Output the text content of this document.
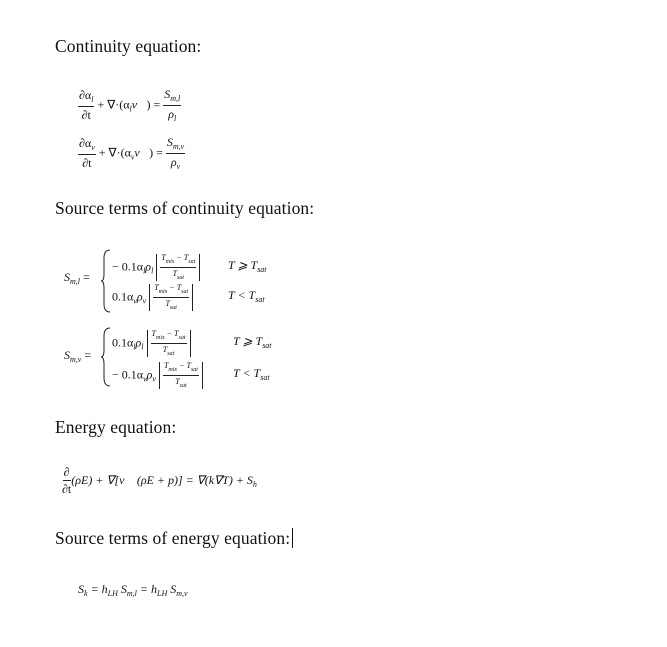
Continuity equation:
Source terms of continuity equation:
Energy equation:
Source terms of energy equation:
$\frac{\partial\alpha_l}{\partial t}$ + $\nabla\cdot(\alpha_lv⃗) = \frac{S_{m,l}}{\rho_l}$
$\frac{\partial\alpha_v}{\partial t}$ + $\nabla\cdot(\alpha_vv⃗) = \frac{S_{m,v}}{\rho_v}$
$S_{m,l}$ =
− $0.1\alpha_l\rho_l \frac{T_{mix} - T_{sat}}{T_{sat}}$	T ⩾ $T_{sat}$
$0.1\alpha_v\rho_v \frac{T_{mix} - T_{sat}}{T_{sat}}$	$T < T_{sat}$
$S_{m,v}$ =
$0.1\alpha_l\rho_l \frac{T_{mix} - T_{sat}}{T_{sat}}$	T ⩾ $T_{sat}$
− $0.1\alpha_v\rho_v \frac{T_{mix} - T_{sat}}{T_{sat}}$	$T < T_{sat}$
$\frac{\partial}{\partial t} (\rho E)$ + ∇[v⃗ $(\rho E + p)] = \nabla(k\nabla T) + S_h$
$S_k = h_{LH}$ $S_{m,l} = h_{LH}$ $S_{m,v}$
